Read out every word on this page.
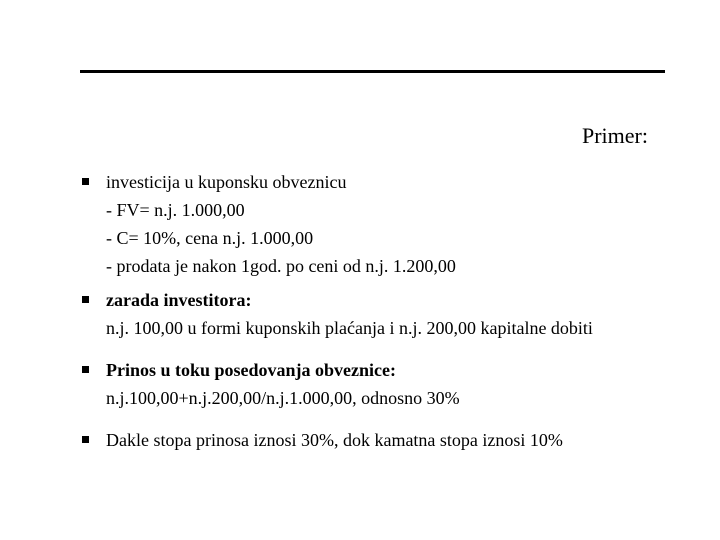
Primer:
investicija u kuponsku obveznicu
- FV= n.j. 1.000,00
- C= 10%, cena n.j. 1.000,00
- prodata je nakon 1god. po ceni od n.j. 1.200,00
zarada investitora:
n.j. 100,00 u formi kuponskih plaćanja i n.j. 200,00 kapitalne dobiti
Prinos u toku posedovanja obveznice:
n.j.100,00+n.j.200,00/n.j.1.000,00, odnosno 30%
Dakle stopa prinosa iznosi 30%, dok kamatna stopa iznosi 10%
